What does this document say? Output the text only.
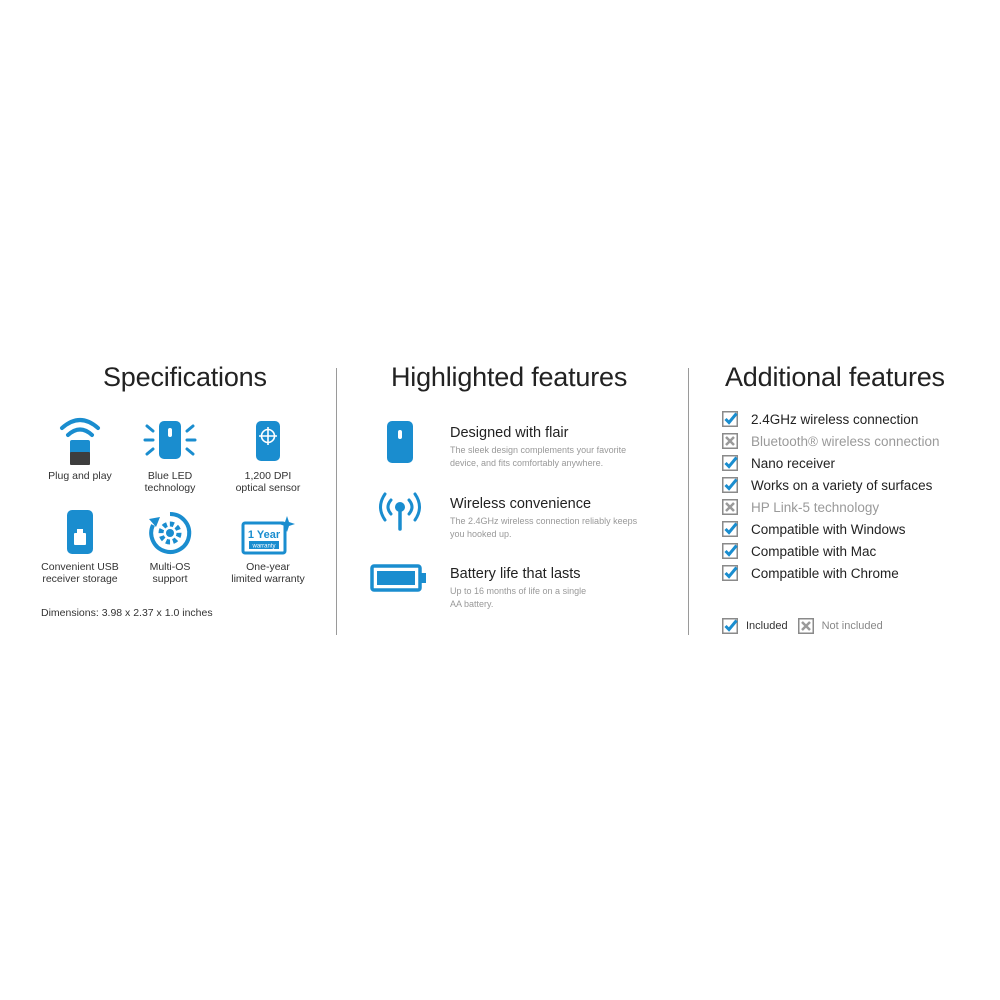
Specifications	Highlighted features	Additional features
Plug and play	Blue LED
technology
1,200 DPI
optical sensor
Convenient USB
receiver storage
Multi-OS
support
1 Year
warranty
One-year
limited warranty
Dimensions: 3.98 x 2.37 x 1.0 inches
Designed with flair
The sleek design complements your favorite device, and fits comfortably anywhere.
Wireless convenience
The 2.4GHz wireless connection reliably keeps you hooked up.
Battery life that lasts
Up to 16 months of life on a single AA battery.
2.4GHz wireless connection
Bluetooth® wireless connection
Nano receiver
Works on a variety of surfaces
HP Link-5 technology
Compatible with Windows
Compatible with Mac
Compatible with Chrome
Included	Not included
